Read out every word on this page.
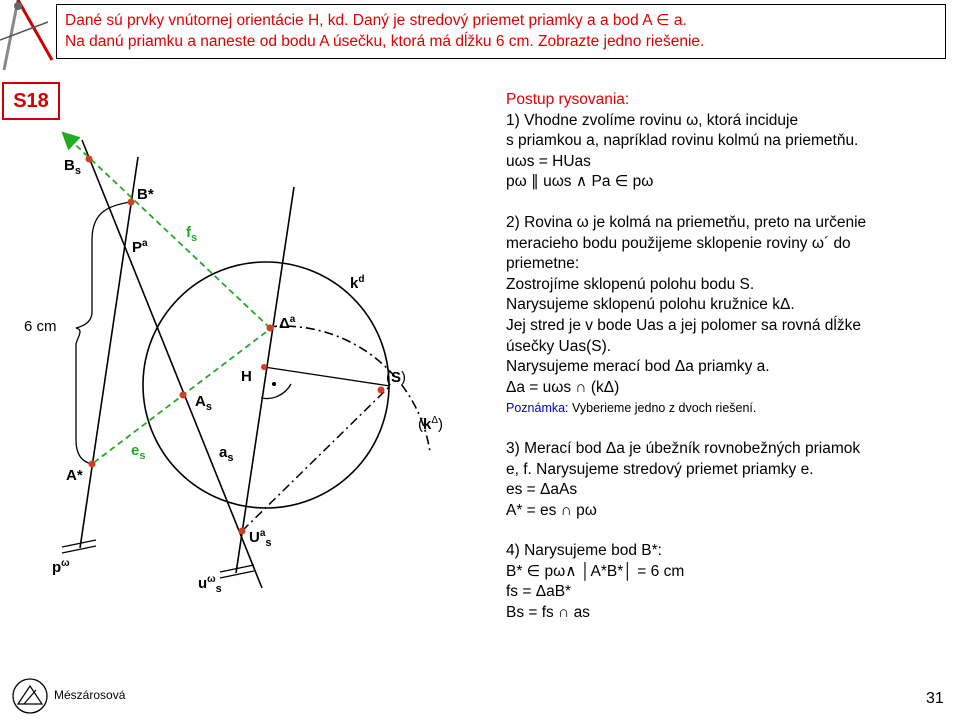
Dané sú prvky vnútornej orientácie H, kd. Daný je stredový priemet priamky a a bod A ∈ a.
Na danú priamku a naneste od bodu A úsečku, ktorá má dĺžku 6 cm. Zobrazte jedno riešenie.
S18
$B_s$
B*
$P^a$
$f_s$
$k^d$
$\Delta^a$
H	(S)
$(k^\Delta)$
$A_s$
$e_s$	$a_s$
A*
$U^a_s$
$p^\omega$
$u^\omega_s$
6 cm
Postup rysovania:
1) Vhodne zvolíme rovinu ω, ktorá inciduje
s priamkou a, napríklad rovinu kolmú na priemetňu.
uωs = HUas
pω ∥ uωs ∧ Pa ∈ pω
2) Rovina ω je kolmá na priemetňu, preto na určenie
meracieho bodu použijeme sklopenie roviny ω´ do
priemetne:
Zostrojíme sklopenú polohu bodu S.
Narysujeme sklopenú polohu kružnice kΔ.
Jej stred je v bode Uas a jej polomer sa rovná dĺžke
úsečky Uas(S).
Narysujeme merací bod Δa priamky a.
Δa = uωs ∩ (kΔ)
Poznámka: Vyberieme jedno z dvoch riešení.
3) Merací bod Δa je úbežník rovnobežných priamok
e, f. Narysujeme stredový priemet priamky e.
es = ΔaAs
A* = es ∩ pω
4) Narysujeme bod B*:
B* ∈ pω∧ │A*B*│ = 6 cm
fs = ΔaB*
Bs = fs ∩ as
Mészárosová	31
